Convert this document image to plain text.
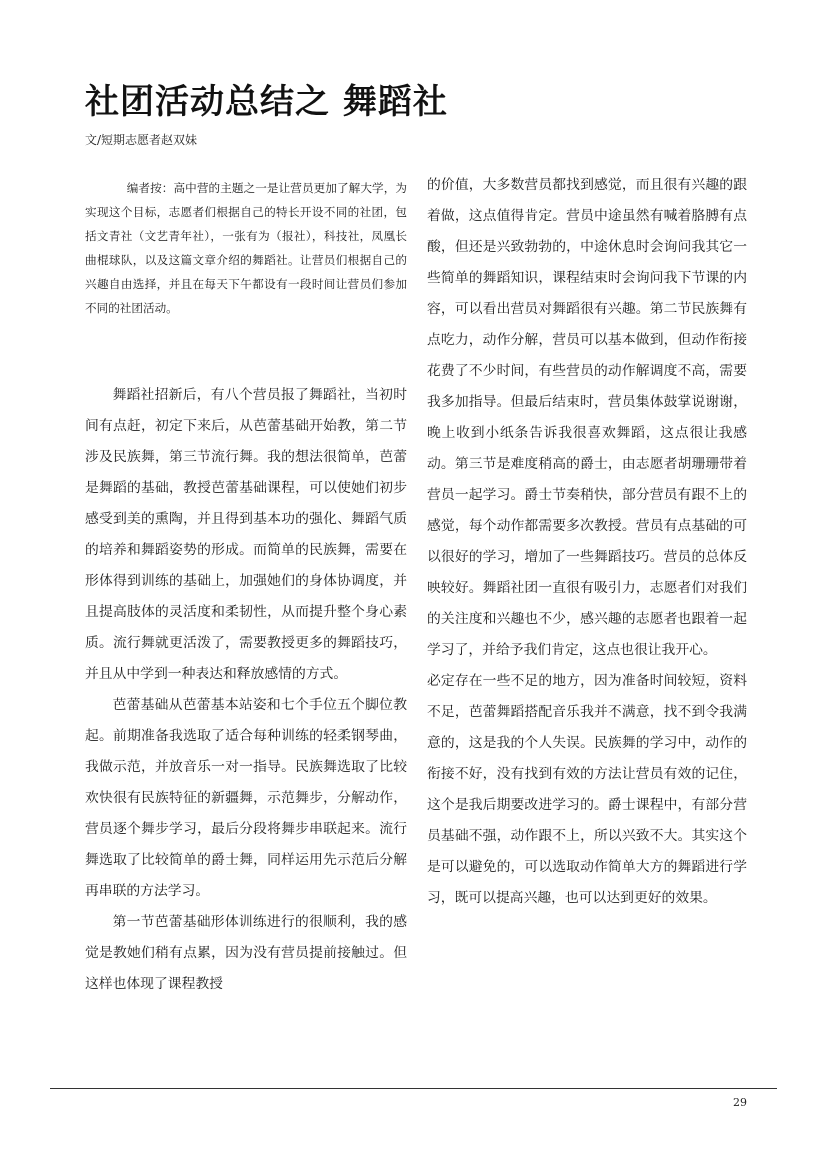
社团活动总结之 舞蹈社
文/短期志愿者赵双妹
编者按：高中营的主题之一是让营员更加了解大学，为实现这个目标，志愿者们根据自己的特长开设不同的社团，包括文青社（文艺青年社），一张有为（报社），科技社，凤凰长曲棍球队，以及这篇文章介绍的舞蹈社。让营员们根据自己的兴趣自由选择，并且在每天下午都设有一段时间让营员们参加不同的社团活动。

舞蹈社招新后，有八个营员报了舞蹈社，当初时间有点赶，初定下来后，从芭蕾基础开始教，第二节涉及民族舞，第三节流行舞。我的想法很简单，芭蕾是舞蹈的基础，教授芭蕾基础课程，可以使她们初步感受到美的熏陶，并且得到基本功的强化、舞蹈气质的培养和舞蹈姿势的形成。而简单的民族舞，需要在形体得到训练的基础上，加强她们的身体协调度，并且提高肢体的灵活度和柔韧性，从而提升整个身心素质。流行舞就更活泼了，需要教授更多的舞蹈技巧，并且从中学到一种表达和释放感情的方式。

芭蕾基础从芭蕾基本站姿和七个手位五个脚位教起。前期准备我选取了适合每种训练的轻柔钢琴曲，我做示范，并放音乐一对一指导。民族舞选取了比较欢快很有民族特征的新疆舞，示范舞步，分解动作，营员逐个舞步学习，最后分段将舞步串联起来。流行舞选取了比较简单的爵士舞，同样运用先示范后分解再串联的方法学习。

第一节芭蕾基础形体训练进行的很顺利，我的感觉是教她们稍有点累，因为没有营员提前接触过。但这样也体现了课程教授

的价值，大多数营员都找到感觉，而且很有兴趣的跟着做，这点值得肯定。营员中途虽然有喊着胳膊有点酸，但还是兴致勃勃的，中途休息时会询问我其它一些简单的舞蹈知识，课程结束时会询问我下节课的内容，可以看出营员对舞蹈很有兴趣。第二节民族舞有点吃力，动作分解，营员可以基本做到，但动作衔接花费了不少时间，有些营员的动作解调度不高，需要我多加指导。但最后结束时，营员集体鼓掌说谢谢，晚上收到小纸条告诉我很喜欢舞蹈，这点很让我感动。第三节是难度稍高的爵士，由志愿者胡珊珊带着营员一起学习。爵士节奏稍快，部分营员有跟不上的感觉，每个动作都需要多次教授。营员有点基础的可以很好的学习，增加了一些舞蹈技巧。营员的总体反映较好。舞蹈社团一直很有吸引力，志愿者们对我们的关注度和兴趣也不少，感兴趣的志愿者也跟着一起学习了，并给予我们肯定，这点也很让我开心。

必定存在一些不足的地方，因为准备时间较短，资料不足，芭蕾舞蹈搭配音乐我并不满意，找不到令我满意的，这是我的个人失误。民族舞的学习中，动作的衔接不好，没有找到有效的方法让营员有效的记住，这个是我后期要改进学习的。爵士课程中，有部分营员基础不强，动作跟不上，所以兴致不大。其实这个是可以避免的，可以选取动作简单大方的舞蹈进行学习，既可以提高兴趣，也可以达到更好的效果。

29
